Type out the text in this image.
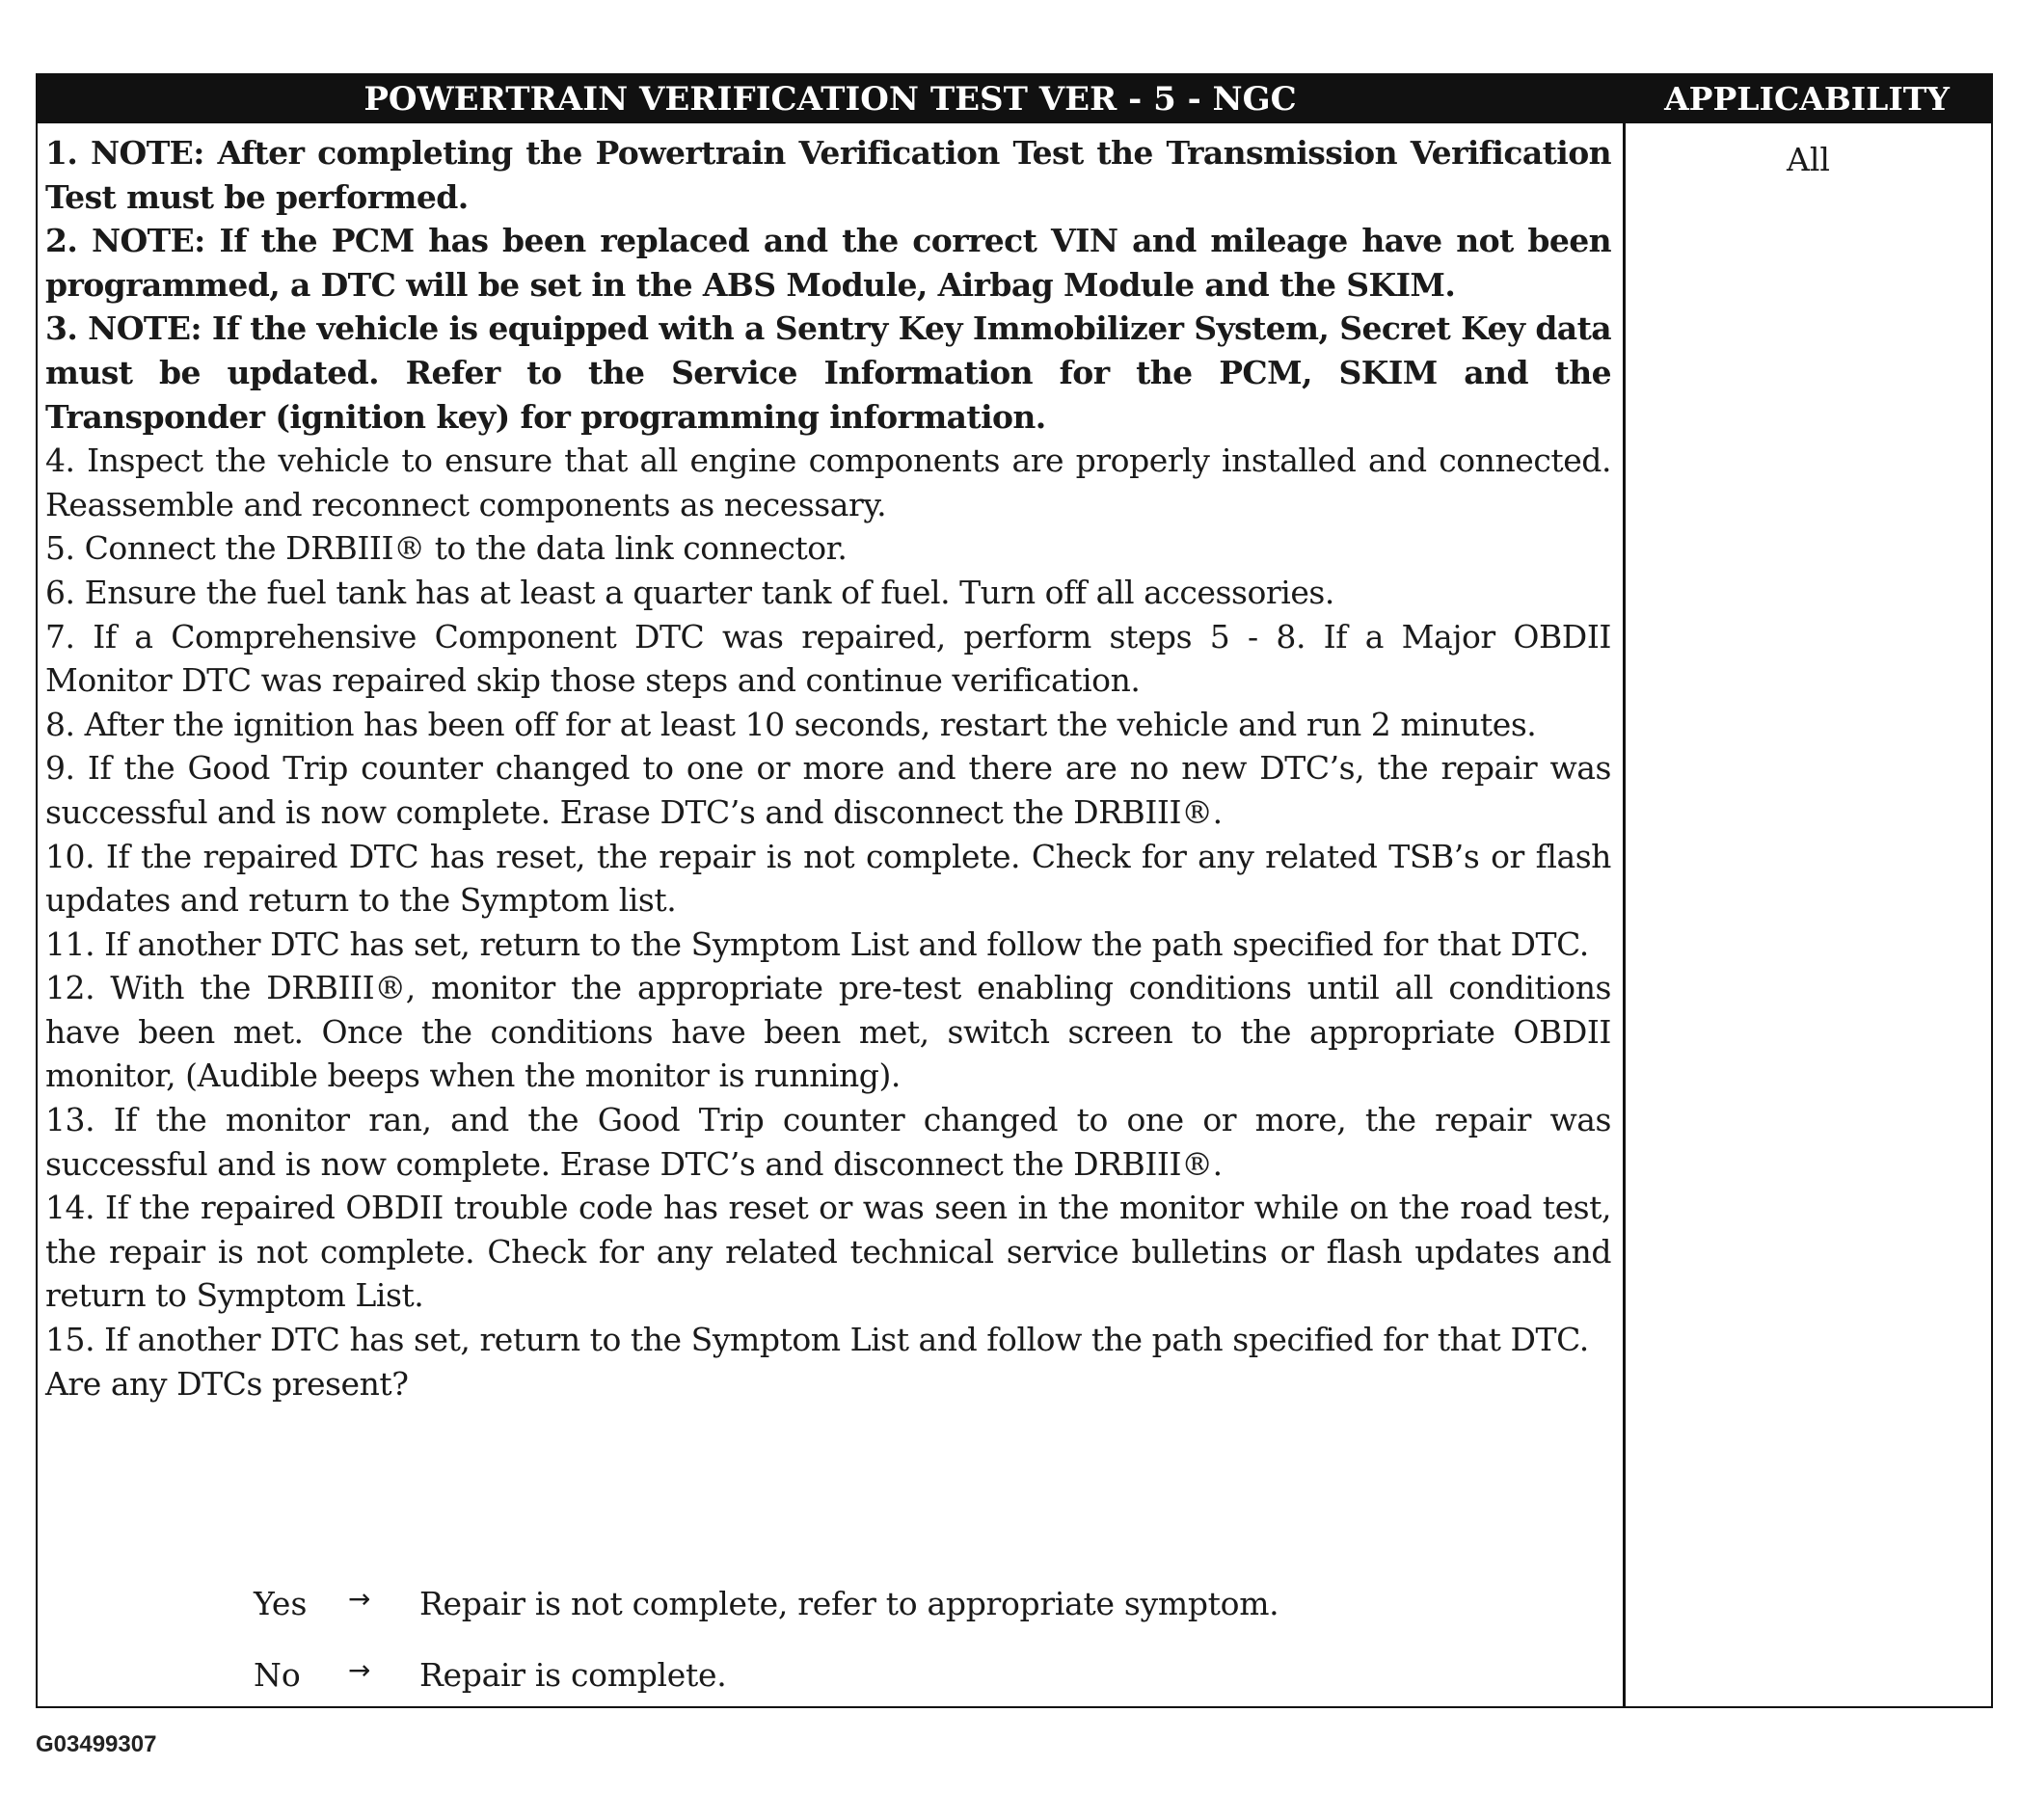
POWERTRAIN VERIFICATION TEST VER - 5 - NGC	APPLICABILITY

1. NOTE: After completing the Powertrain Verification Test the Transmission Verification Test must be performed.

2. NOTE: If the PCM has been replaced and the correct VIN and mileage have not been programmed, a DTC will be set in the ABS Module, Airbag Module and the SKIM.

3. NOTE: If the vehicle is equipped with a Sentry Key Immobilizer System, Secret Key data must be updated. Refer to the Service Information for the PCM, SKIM and the Transponder (ignition key) for programming information.

4. Inspect the vehicle to ensure that all engine components are properly installed and connected. Reassemble and reconnect components as necessary.

5. Connect the DRBIII® to the data link connector.

6. Ensure the fuel tank has at least a quarter tank of fuel. Turn off all accessories.

7. If a Comprehensive Component DTC was repaired, perform steps 5 - 8. If a Major OBDII Monitor DTC was repaired skip those steps and continue verification.

8. After the ignition has been off for at least 10 seconds, restart the vehicle and run 2 minutes.

9. If the Good Trip counter changed to one or more and there are no new DTC’s, the repair was successful and is now complete. Erase DTC’s and disconnect the DRBIII®.

10. If the repaired DTC has reset, the repair is not complete. Check for any related TSB’s or flash updates and return to the Symptom list.

11. If another DTC has set, return to the Symptom List and follow the path specified for that DTC.

12. With the DRBIII®, monitor the appropriate pre-test enabling conditions until all conditions have been met. Once the conditions have been met, switch screen to the appropriate OBDII monitor, (Audible beeps when the monitor is running).

13. If the monitor ran, and the Good Trip counter changed to one or more, the repair was successful and is now complete. Erase DTC’s and disconnect the DRBIII®.

14. If the repaired OBDII trouble code has reset or was seen in the monitor while on the road test, the repair is not complete. Check for any related technical service bulletins or flash updates and return to Symptom List.

15. If another DTC has set, return to the Symptom List and follow the path specified for that DTC.

Are any DTCs present?

Yes → Repair is not complete, refer to appropriate symptom.
No → Repair is complete.
All
G03499307
